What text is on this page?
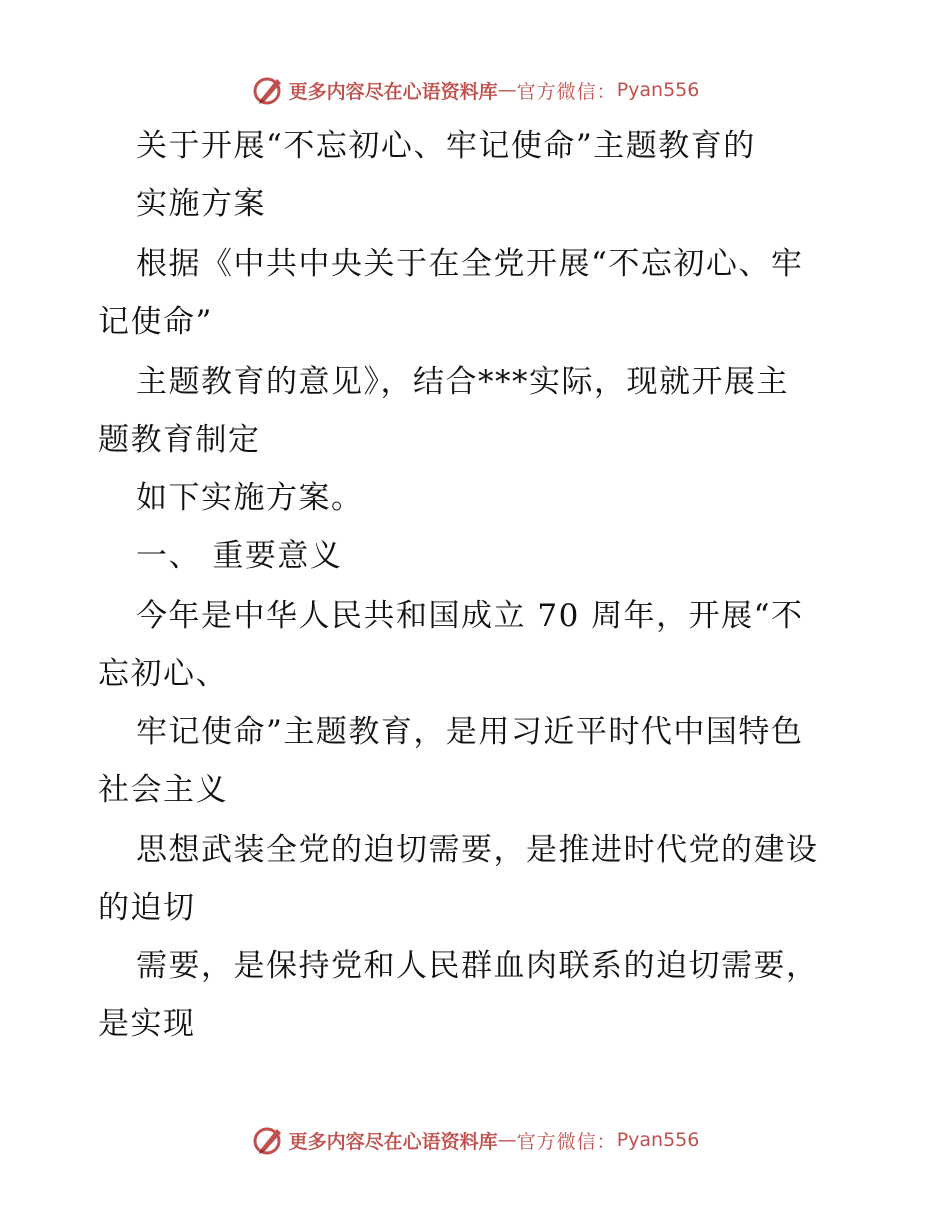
更多内容尽在心语资料库 — 官方微信： Pyan556
关于开展“不忘初心、牢记使命”主题教育的
实施方案
根据《中共中央关于在全党开展“不忘初心、牢
记使命”
主题教育的意见》，结合***实际，现就开展主
题教育制定
如下实施方案。
一、 重要意义
今年是中华人民共和国成立 70 周年，开展“不
忘初心、
牢记使命”主题教育，是用习近平时代中国特色
社会主义
思想武装全党的迫切需要，是推进时代党的建设
的迫切
需要，是保持党和人民群血肉联系的迫切需要，
是实现
更多内容尽在心语资料库 — 官方微信： Pyan556
